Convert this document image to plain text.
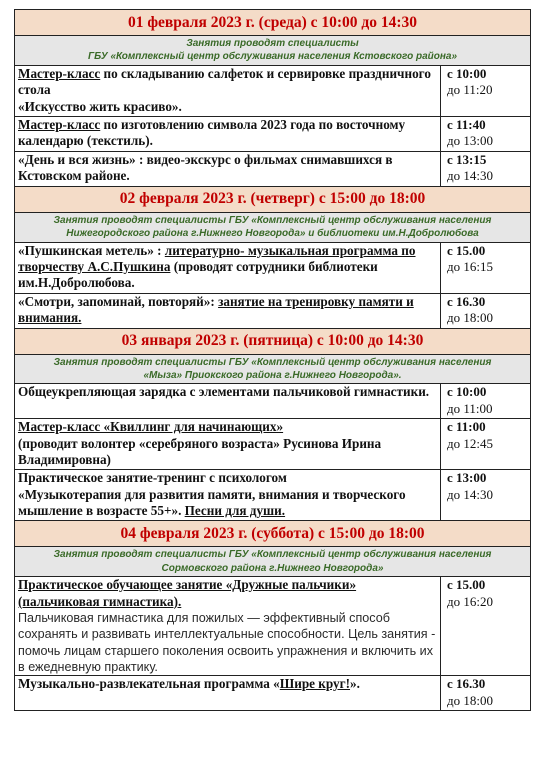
01 февраля 2023 г. (среда) с 10:00 до 14:30	

Занятия проводят специалисты
ГБУ «Комплексный центр обслуживания населения Кстовского района»	

Мастер-класс по складыванию салфеток и сервировке праздничного стола
«Искусство жить красиво».	с 10:00
до 11:20

Мастер-класс по изготовлению символа 2023 года по восточному календарю (текстиль).	с 11:40
до 13:00

«День и вся жизнь» : видео-экскурс о фильмах снимавшихся в Кстовском районе.	с 13:15
до 14:30

02 февраля 2023 г. (четверг) с 15:00 до 18:00	

Занятия проводят специалисты ГБУ «Комплексный центр обслуживания населения
Нижегородского района г.Нижнего Новгорода» и библиотеки им.Н.Добролюбова	

«Пушкинская метель» : литературно- музыкальная программа по творчеству А.С.Пушкина (проводят сотрудники библиотеки им.Н.Добролюбова.	с 15.00
до 16:15

«Смотри, запоминай, повторяй»: занятие на тренировку памяти и внимания.	с 16.30
до 18:00

03 января 2023 г. (пятница) с 10:00 до 14:30	

Занятия проводят специалисты ГБУ «Комплексный центр обслуживания населения
«Мыза» Приокского района г.Нижнего Новгорода».	

Общеукрепляющая зарядка с элементами пальчиковой гимнастики.	с 10:00
до 11:00

Мастер-класс «Квиллинг для начинающих»
(проводит волонтер «серебряного возраста» Русинова Ирина Владимировна)	с 11:00
до 12:45

Практическое занятие-тренинг с психологом
«Музыкотерапия для развития памяти, внимания и творческого мышление в возрасте 55+». Песни для души.	с 13:00
до 14:30

04 февраля 2023 г. (суббота) с 15:00 до 18:00	

Занятия проводят специалисты ГБУ «Комплексный центр обслуживания населения
Сормовского района г.Нижнего Новгорода»	

Практическое обучающее занятие «Дружные пальчики» (пальчиковая гимнастика).
Пальчиковая гимнастика для пожилых — эффективный способ сохранять и развивать интеллектуальные способности. Цель занятия - помочь лицам старшего поколения освоить упражнения и включить их в ежедневную практику.	с 15.00
до 16:20

Музыкально-развлекательная программа «Шире круг!».	с 16.30
до 18:00
